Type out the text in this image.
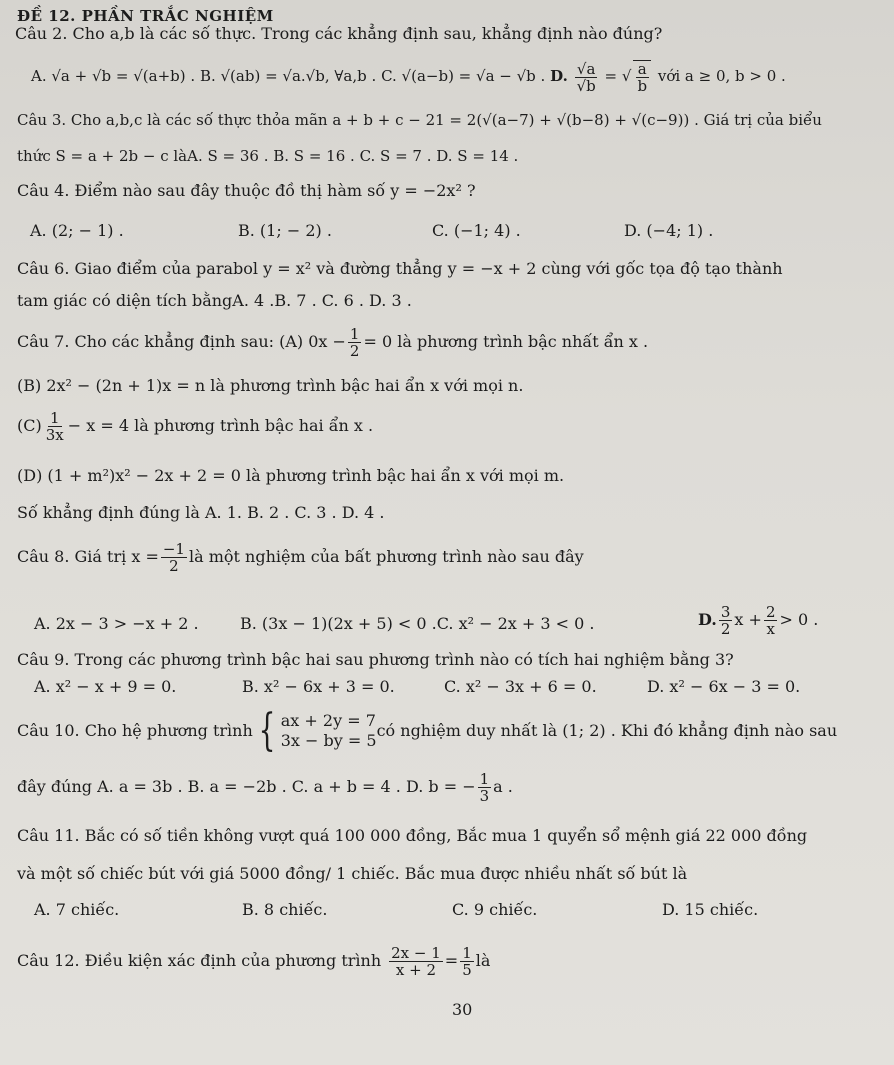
ĐỀ 12. PHẦN TRẮC NGHIỆM
Câu 2. Cho a,b là các số thực. Trong các khẳng định sau, khẳng định nào đúng?
A. √a + √b = √(a+b) . B. √(ab) = √a.√b, ∀a,b . C. √(a−b) = √a − √b . D. $\frac{√a}{√b}$ = √ $\frac{a}{b}$ với a ≥ 0, b > 0 .
Câu 3. Cho a,b,c là các số thực thỏa mãn a + b + c − 21 = 2(√(a−7) + √(b−8) + √(c−9)) . Giá trị của biểu
thức S = a + 2b − c làA. S = 36 . B. S = 16 . C. S = 7 . D. S = 14 .
Câu 4. Điểm nào sau đây thuộc đồ thị hàm số y = −2x² ?
A. (2; − 1) .	B. (1; − 2) .	C. (−1; 4) .	D. (−4; 1) .
Câu 6. Giao điểm của parabol y = x² và đường thẳng y = −x + 2 cùng với gốc tọa độ tạo thành
tam giác có diện tích bằngA. 4 .B. 7 . C. 6 . D. 3 .
Câu 7. Cho các khẳng định sau: (A) $0x - \frac{1}{2} = 0$ là phương trình bậc nhất ẩn x .
(B) 2x² − (2n + 1)x = n là phương trình bậc hai ẩn x với mọi n.
$(C) \frac{1}{3x} - x = 4$ là phương trình bậc hai ẩn x .
(D) (1 + m²)x² − 2x + 2 = 0 là phương trình bậc hai ẩn x với mọi m.
Số khẳng định đúng là A. 1. B. 2 . C. 3 . D. 4 .
Câu 8. Giá trị $x = \frac{-1}{2}$ là một nghiệm của bất phương trình nào sau đây
A. 2x − 3 > −x + 2 .	B. (3x − 1)(2x + 5) < 0 .C. x² − 2x + 3 < 0 .	D. $\frac{3}{2}$ $x + \frac{2}{x} > 0$ .
Câu 9. Trong các phương trình bậc hai sau phương trình nào có tích hai nghiệm bằng 3?
A. x² − x + 9 = 0.	B. x² − 6x + 3 = 0.	C. x² − 3x + 6 = 0.	D. x² − 6x − 3 = 0.
Câu 10. Cho hệ phương trình { ax + 2y = 7
3x − by = 5
có nghiệm duy nhất là (1; 2) . Khi đó khẳng định nào sau
đây đúng A. a = 3b . B. a = −2b . C. a + b = 4 . D. b = − $\frac{1}{3}$ a .
Câu 11. Bắc có số tiền không vượt quá 100 000 đồng, Bắc mua 1 quyển sổ mệnh giá 22 000 đồng
và một số chiếc bút với giá 5000 đồng/ 1 chiếc. Bắc mua được nhiều nhất số bút là
A. 7 chiếc.	B. 8 chiếc.	C. 9 chiếc.	D. 15 chiếc.
Câu 12. Điều kiện xác định của phương trình $\frac{2x - 1}{x + 2} = \frac{1}{5}$ là
30
